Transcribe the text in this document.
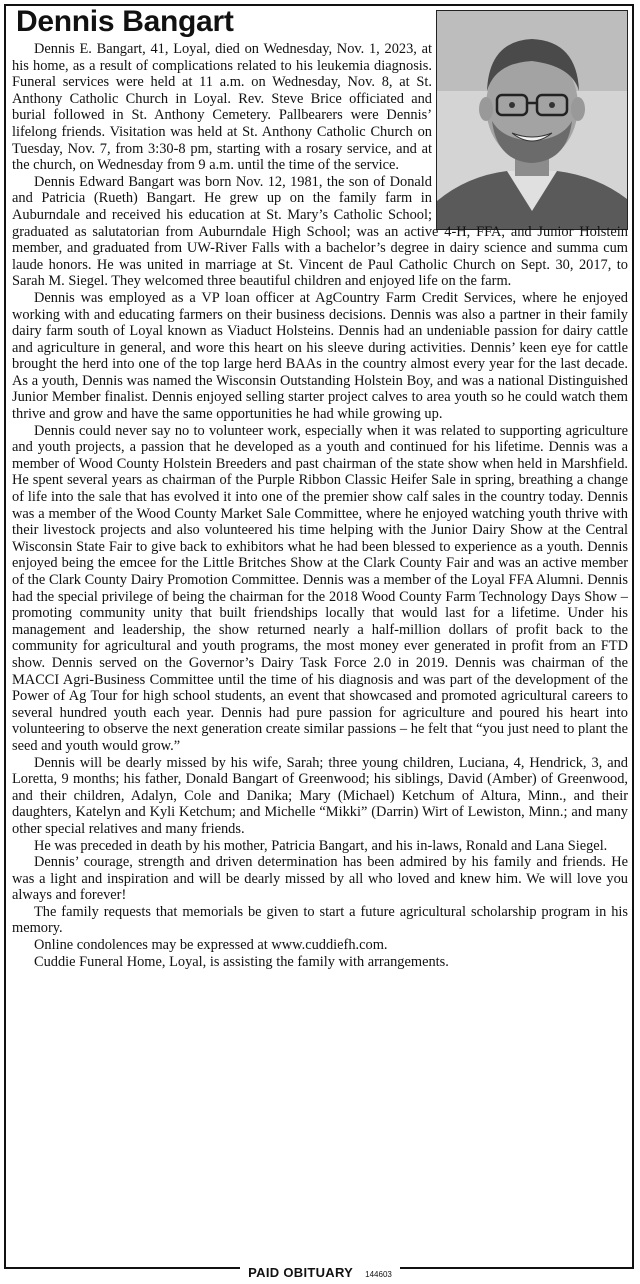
Dennis Bangart

Dennis E. Bangart, 41, Loyal, died on Wednesday, Nov. 1, 2023, at his home, as a result of complications related to his leukemia diagnosis. Funeral services were held at 11 a.m. on Wednesday, Nov. 8, at St. Anthony Catholic Church in Loyal. Rev. Steve Brice officiated and burial followed in St. Anthony Cemetery. Pallbearers were Dennis’ lifelong friends. Visitation was held at St. Anthony Catholic Church on Tuesday, Nov. 7, from 3:30-8 pm, starting with a rosary service, and at the church, on Wednesday from 9 a.m. until the time of the service.

Dennis Edward Bangart was born Nov. 12, 1981, the son of Donald and Patricia (Rueth) Bangart. He grew up on the family farm in Auburndale and received his education at St. Mary’s Catholic School; graduated as salutatorian from Auburndale High School; was an active 4-H, FFA, and Junior Holstein member, and graduated from UW-River Falls with a bachelor’s degree in dairy science and summa cum laude honors. He was united in marriage at St. Vincent de Paul Catholic Church on Sept. 30, 2017, to Sarah M. Siegel. They welcomed three beautiful children and enjoyed life on the farm.

Dennis was employed as a VP loan officer at AgCountry Farm Credit Services, where he enjoyed working with and educating farmers on their business decisions. Dennis was also a partner in their family dairy farm south of Loyal known as Viaduct Holsteins. Dennis had an undeniable passion for dairy cattle and agriculture in general, and wore this heart on his sleeve during activities. Dennis’ keen eye for cattle brought the herd into one of the top large herd BAAs in the country almost every year for the last decade. As a youth, Dennis was named the Wisconsin Outstanding Holstein Boy, and was a national Distinguished Junior Member finalist. Dennis enjoyed selling starter project calves to area youth so he could watch them thrive and grow and have the same opportunities he had while growing up.

Dennis could never say no to volunteer work, especially when it was related to supporting agriculture and youth projects, a passion that he developed as a youth and continued for his lifetime. Dennis was a member of Wood County Holstein Breeders and past chairman of the state show when held in Marshfield. He spent several years as chairman of the Purple Ribbon Classic Heifer Sale in spring, breathing a change of life into the sale that has evolved it into one of the premier show calf sales in the country today. Dennis was a member of the Wood County Market Sale Committee, where he enjoyed watching youth thrive with their livestock projects and also volunteered his time helping with the Junior Dairy Show at the Central Wisconsin State Fair to give back to exhibitors what he had been blessed to experience as a youth. Dennis enjoyed being the emcee for the Little Britches Show at the Clark County Fair and was an active member of the Clark County Dairy Promotion Committee. Dennis was a member of the Loyal FFA Alumni. Dennis had the special privilege of being the chairman for the 2018 Wood County Farm Technology Days Show – promoting community unity that built friendships locally that would last for a lifetime. Under his management and leadership, the show returned nearly a half-million dollars of profit back to the community for agricultural and youth programs, the most money ever generated in profit from an FTD show. Dennis served on the Governor’s Dairy Task Force 2.0 in 2019. Dennis was chairman of the MACCI Agri-Business Committee until the time of his diagnosis and was part of the development of the Power of Ag Tour for high school students, an event that showcased and promoted agricultural careers to several hundred youth each year. Dennis had pure passion for agriculture and poured his heart into volunteering to observe the next generation create similar passions – he felt that “you just need to plant the seed and youth would grow.”

Dennis will be dearly missed by his wife, Sarah; three young children, Luciana, 4, Hendrick, 3, and Loretta, 9 months; his father, Donald Bangart of Greenwood; his siblings, David (Amber) of Greenwood, and their children, Adalyn, Cole and Danika; Mary (Michael) Ketchum of Altura, Minn., and their daughters, Katelyn and Kyli Ketchum; and Michelle “Mikki” (Darrin) Wirt of Lewiston, Minn.; and many other special relatives and many friends.

He was preceded in death by his mother, Patricia Bangart, and his in-laws, Ronald and Lana Siegel.

Dennis’ courage, strength and driven determination has been admired by his family and friends. He was a light and inspiration and will be dearly missed by all who loved and knew him. We will love you always and forever!

The family requests that memorials be given to start a future agricultural scholarship program in his memory.

Online condolences may be expressed at www.cuddiefh.com.

Cuddie Funeral Home, Loyal, is assisting the family with arrangements.

PAID OBITUARY 144603
